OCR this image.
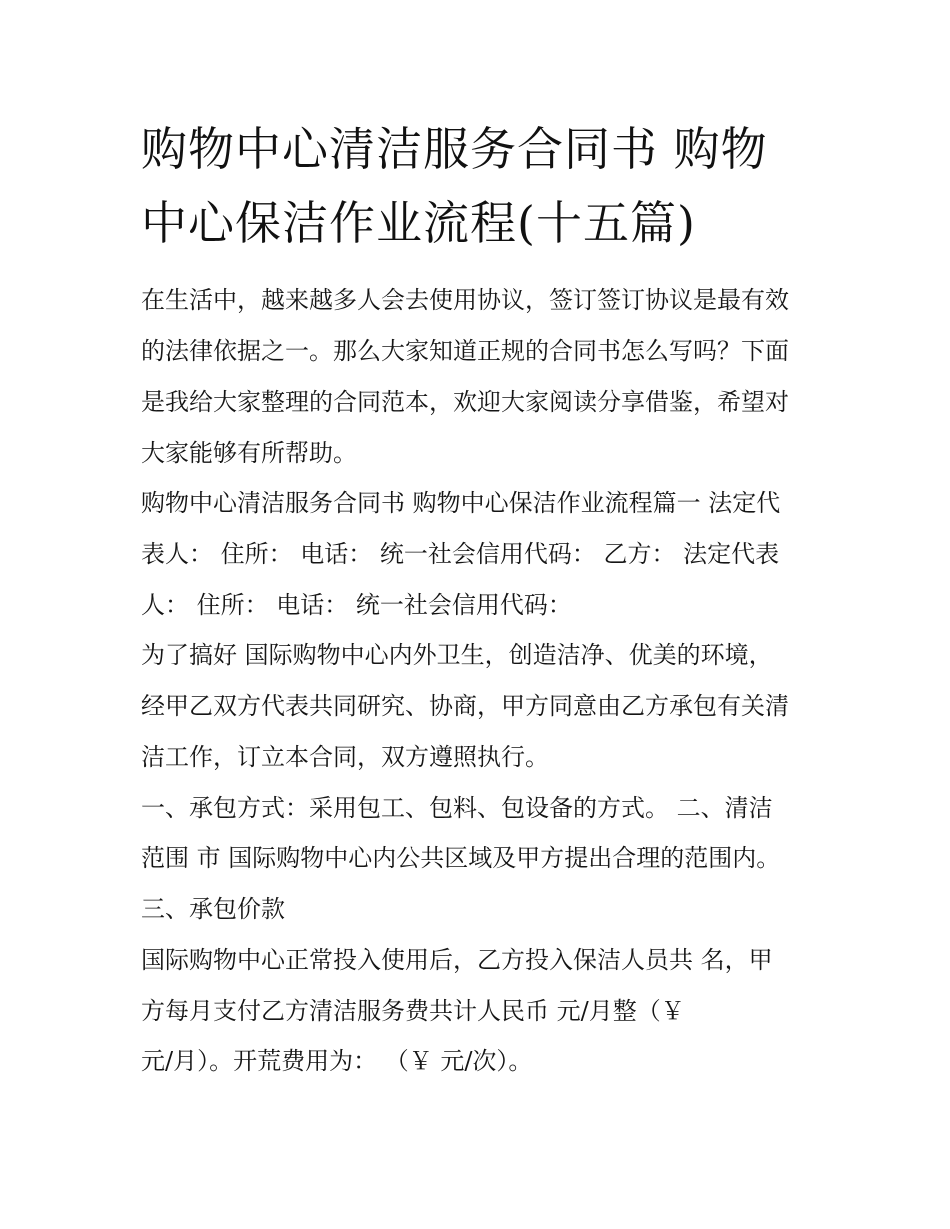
购物中心清洁服务合同书 购物
中心保洁作业流程(十五篇)

在生活中，越来越多人会去使用协议，签订签订协议是最有效

的法律依据之一。那么大家知道正规的合同书怎么写吗？下面

是我给大家整理的合同范本，欢迎大家阅读分享借鉴，希望对

大家能够有所帮助。

购物中心清洁服务合同书 购物中心保洁作业流程篇一 法定代

表人： 住所： 电话： 统一社会信用代码： 乙方： 法定代表

人： 住所： 电话： 统一社会信用代码：

为了搞好 国际购物中心内外卫生，创造洁净、优美的环境，

经甲乙双方代表共同研究、协商，甲方同意由乙方承包有关清

洁工作，订立本合同，双方遵照执行。

一、承包方式：采用包工、包料、包设备的方式。 二、清洁

范围 市 国际购物中心内公共区域及甲方提出合理的范围内。

三、承包价款

国际购物中心正常投入使用后，乙方投入保洁人员共 名，甲

方每月支付乙方清洁服务费共计人民币 元/月整（￥

元/月）。开荒费用为： （￥ 元/次）。
